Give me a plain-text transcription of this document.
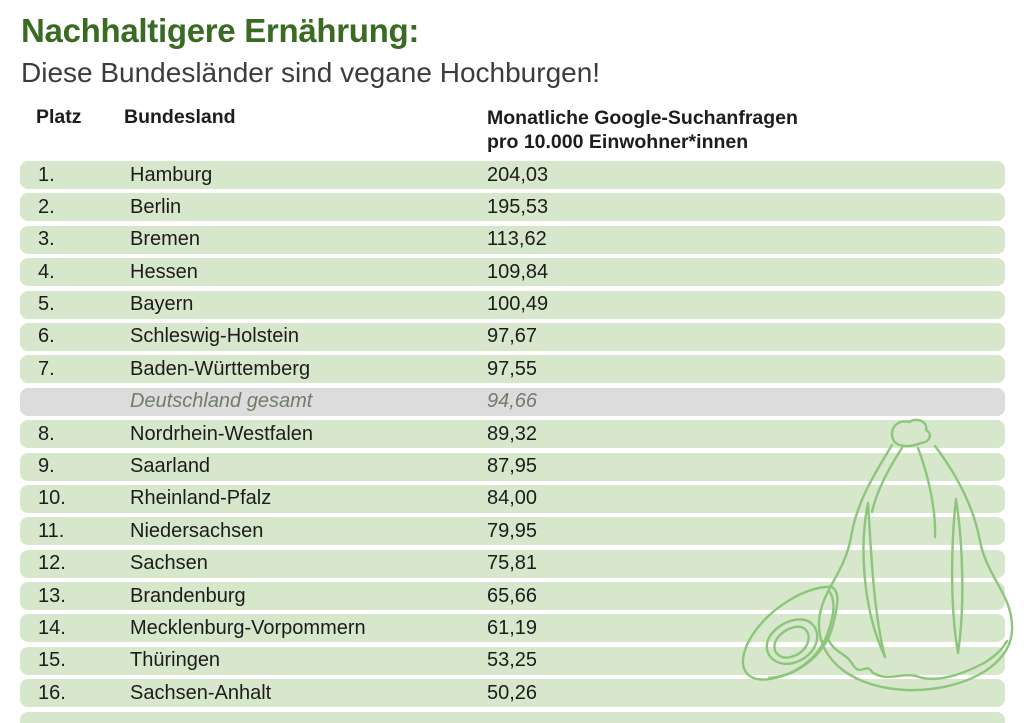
Nachhaltigere Ernährung:
Diese Bundesländer sind vegane Hochburgen!
Platz Bundesland	Monatliche Google-Suchanfragen
pro 10.000 Einwohner*innen
1.	Hamburg	204,03
2.	Berlin	195,53
3.	Bremen	113,62
4.	Hessen	109,84
5.	Bayern	100,49
6.	Schleswig-Holstein	97,67
7.	Baden-Württemberg	97,55
Deutschland gesamt	94,66
8.	Nordrhein-Westfalen	89,32
9.	Saarland	87,95
10.	Rheinland-Pfalz	84,00
11.	Niedersachsen	79,95
12.	Sachsen	75,81
13.	Brandenburg	65,66
14.	Mecklenburg-Vorpommern	61,19
15.	Thüringen	53,25
16.	Sachsen-Anhalt	50,26
